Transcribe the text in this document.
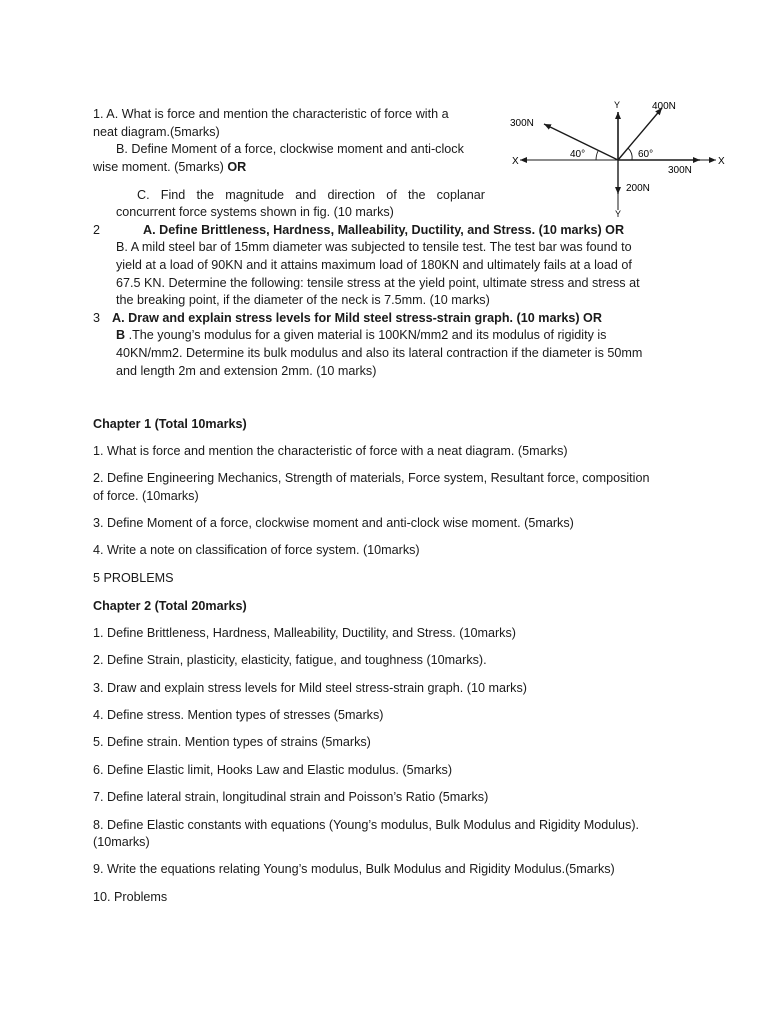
1. A. What is force and mention the characteristic of force with a
neat diagram.(5marks)
B. Define Moment of a force, clockwise moment and anti-clock
wise moment. (5marks) OR
C. Find the magnitude and direction of the coplanar
concurrent force systems shown in fig. (10 marks)
400N
300N
300N
200N
40°	60°
X	X
Y
Y
2	A. Define Brittleness, Hardness, Malleability, Ductility, and Stress. (10 marks) OR
B. A mild steel bar of 15mm diameter was subjected to tensile test. The test bar was found to
yield at a load of 90KN and it attains maximum load of 180KN and ultimately fails at a load of
67.5 KN. Determine the following: tensile stress at the yield point, ultimate stress and stress at
the breaking point, if the diameter of the neck is 7.5mm. (10 marks)
3 A. Draw and explain stress levels for Mild steel stress-strain graph. (10 marks) OR
B .The young’s modulus for a given material is 100KN/mm2 and its modulus of rigidity is
40KN/mm2. Determine its bulk modulus and also its lateral contraction if the diameter is 50mm
and length 2m and extension 2mm. (10 marks)
Chapter 1 (Total 10marks)
1. What is force and mention the characteristic of force with a neat diagram. (5marks)
2. Define Engineering Mechanics, Strength of materials, Force system, Resultant force, composition
of force. (10marks)
3. Define Moment of a force, clockwise moment and anti-clock wise moment. (5marks)
4. Write a note on classification of force system. (10marks)
5 PROBLEMS
Chapter 2 (Total 20marks)
1. Define Brittleness, Hardness, Malleability, Ductility, and Stress. (10marks)
2. Define Strain, plasticity, elasticity, fatigue, and toughness (10marks).
3. Draw and explain stress levels for Mild steel stress-strain graph. (10 marks)
4. Define stress. Mention types of stresses (5marks)
5. Define strain. Mention types of strains (5marks)
6. Define Elastic limit, Hooks Law and Elastic modulus. (5marks)
7. Define lateral strain, longitudinal strain and Poisson’s Ratio (5marks)
8. Define Elastic constants with equations (Young’s modulus, Bulk Modulus and Rigidity Modulus).
(10marks)
9. Write the equations relating Young’s modulus, Bulk Modulus and Rigidity Modulus.(5marks)
10. Problems
